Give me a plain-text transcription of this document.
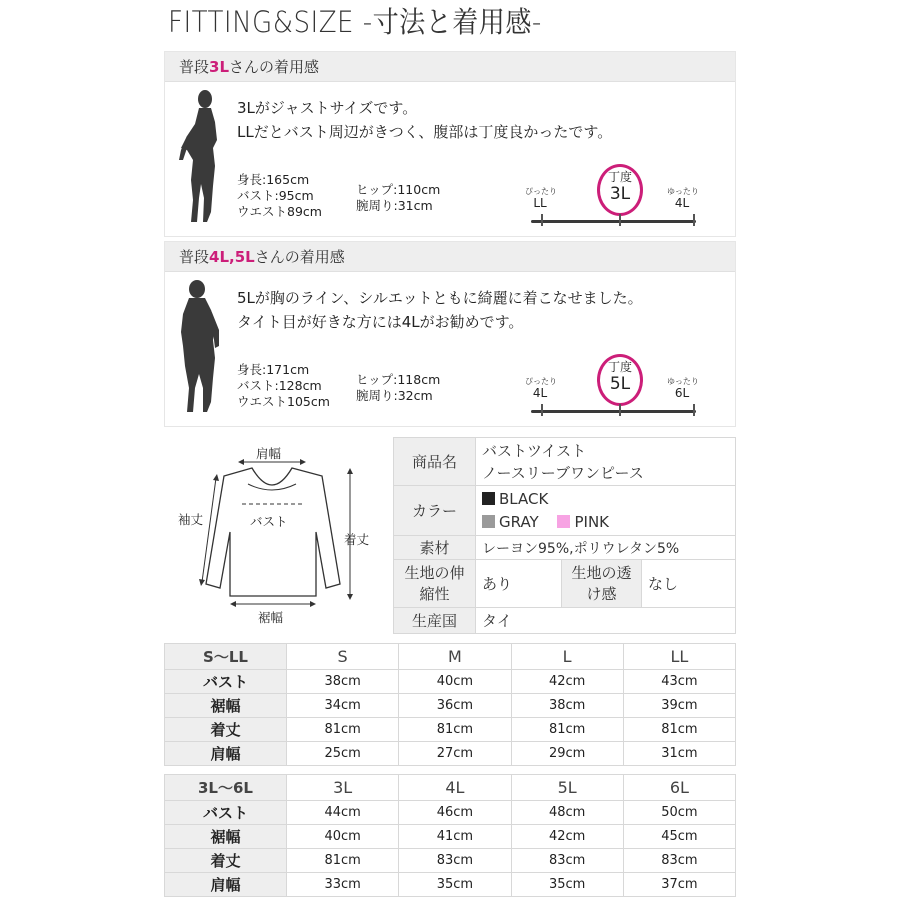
FITTING&SIZE -寸法と着用感-
普段3Lさんの着用感
3Lがジャストサイズです。
LLだとバスト周辺がきつく、腹部は丁度良かったです。
身長:165cm
バスト:95cm
ウエスト89cm
ヒップ:110cm
腕周り:31cm
ぴったり
LL
丁度
3L	ゆったり
4L
普段4L,5Lさんの着用感
5Lが胸のライン、シルエットともに綺麗に着こなせました。
タイト目が好きな方には4Lがお勧めです。
身長:171cm
バスト:128cm
ウエスト105cm
ヒップ:118cm
腕周り:32cm
ぴったり
4L
丁度
5L	ゆったり
6L
肩幅
袖丈	バスト
着丈
裾幅
商品名	バストツイスト
ノースリーブワンピース		

カラー	BLACK
GRAY PINK		

素材	レーヨン95%,ポリウレタン5%		
生地の伸縮性	あり	生地の透け感	なし
生産国	タイ		
S～LL	S	M	L	LL
バスト	38cm	40cm	42cm	43cm
裾幅	34cm	36cm	38cm	39cm
着丈	81cm	81cm	81cm	81cm
肩幅	25cm	27cm	29cm	31cm
3L～6L	3L	4L	5L	6L
バスト	44cm	46cm	48cm	50cm
裾幅	40cm	41cm	42cm	45cm
着丈	81cm	83cm	83cm	83cm
肩幅	33cm	35cm	35cm	37cm
